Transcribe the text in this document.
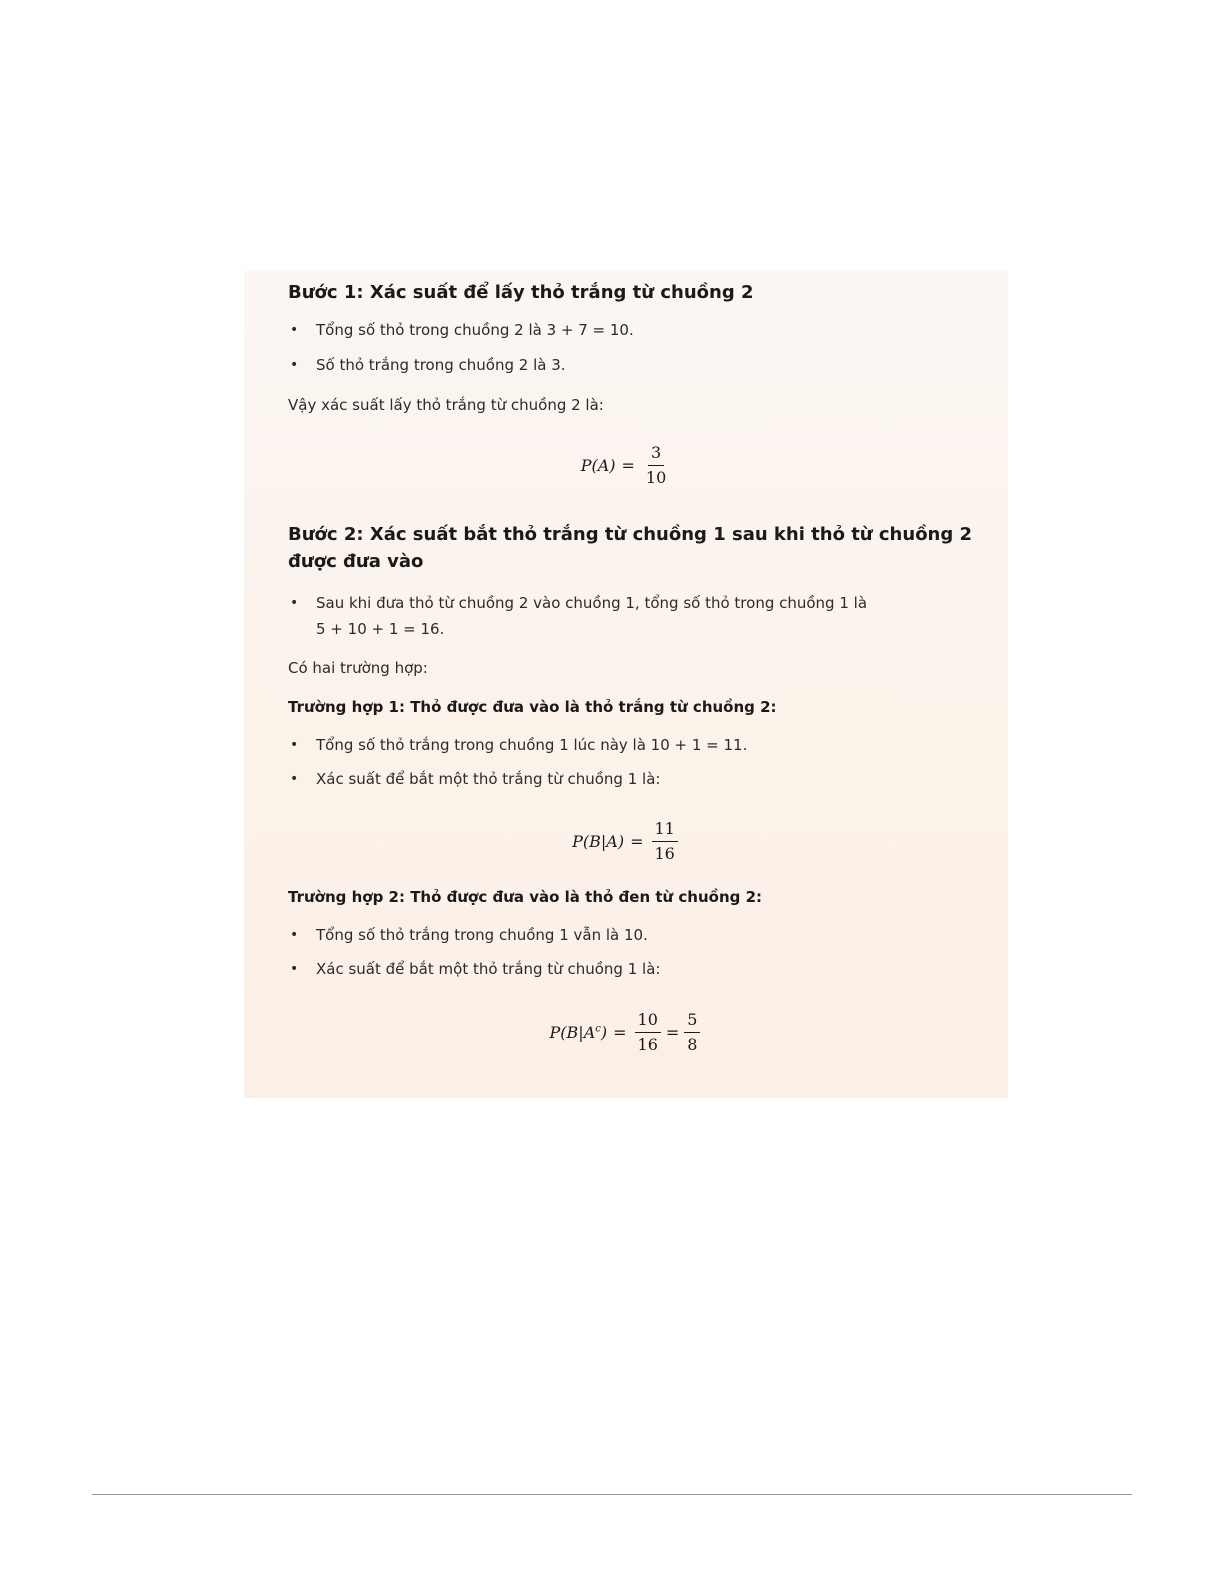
Bước 1: Xác suất để lấy thỏ trắng từ chuồng 2
• Tổng số thỏ trong chuồng 2 là 3 + 7 = 10.
• Số thỏ trắng trong chuồng 2 là 3.
Vậy xác suất lấy thỏ trắng từ chuồng 2 là:
$P(A) = \frac{3}{10}$
Bước 2: Xác suất bắt thỏ trắng từ chuồng 1 sau khi thỏ từ chuồng 2 được đưa vào
• Sau khi đưa thỏ từ chuồng 2 vào chuồng 1, tổng số thỏ trong chuồng 1 là
5 + 10 + 1 = 16.
Có hai trường hợp:
Trường hợp 1: Thỏ được đưa vào là thỏ trắng từ chuồng 2:
• Tổng số thỏ trắng trong chuồng 1 lúc này là 10 + 1 = 11.
• Xác suất để bắt một thỏ trắng từ chuồng 1 là:
$P(B|A) = \frac{11}{16}$
Trường hợp 2: Thỏ được đưa vào là thỏ đen từ chuồng 2:
• Tổng số thỏ trắng trong chuồng 1 vẫn là 10.
• Xác suất để bắt một thỏ trắng từ chuồng 1 là:
$P(B|A^c) = \frac{10}{16} = \frac{5}{8}$
